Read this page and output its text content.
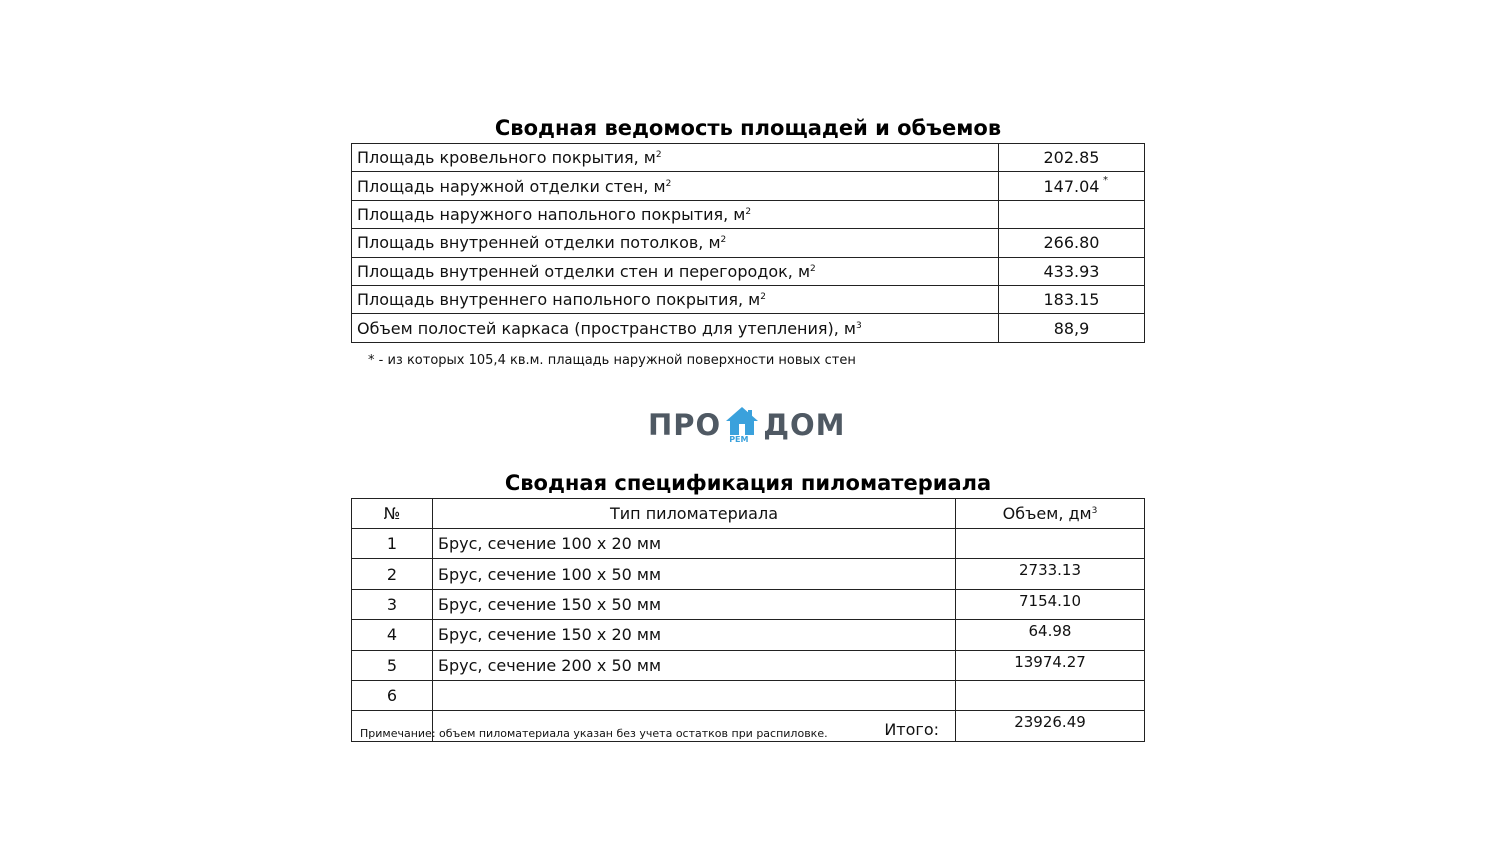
Сводная ведомость площадей и объемов
Площадь кровельного покрытия, $м^2$	202.85
Площадь наружной отделки стен, $м^2$	147.04 *

Площадь наружного напольного покрытия, $м^2$	
Площадь внутренней отделки потолков, $м^2$	266.80
Площадь внутренней отделки стен и перегородок, $м^2$	433.93
Площадь внутреннего напольного покрытия, $м^2$	183.15
Объем полостей каркаса (пространство для утепления), $м^3$	88,9
* - из которых 105,4 кв.м. плащадь наружной поверхности новых стен
ПРО РЕМ ДОМ
Сводная спецификация пиломатериала
№	Тип пиломатериала	Объем, $дм^3$
1	Брус, сечение 100 х 20 мм	
2	Брус, сечение 100 х 50 мм	2733.13
3	Брус, сечение 150 х 50 мм	7154.10
4	Брус, сечение 150 х 20 мм	64.98
5	Брус, сечение 200 х 50 мм	13974.27
6		
	Итого:	23926.49
Примечание: объем пиломатериала указан без учета остатков при распиловке.
